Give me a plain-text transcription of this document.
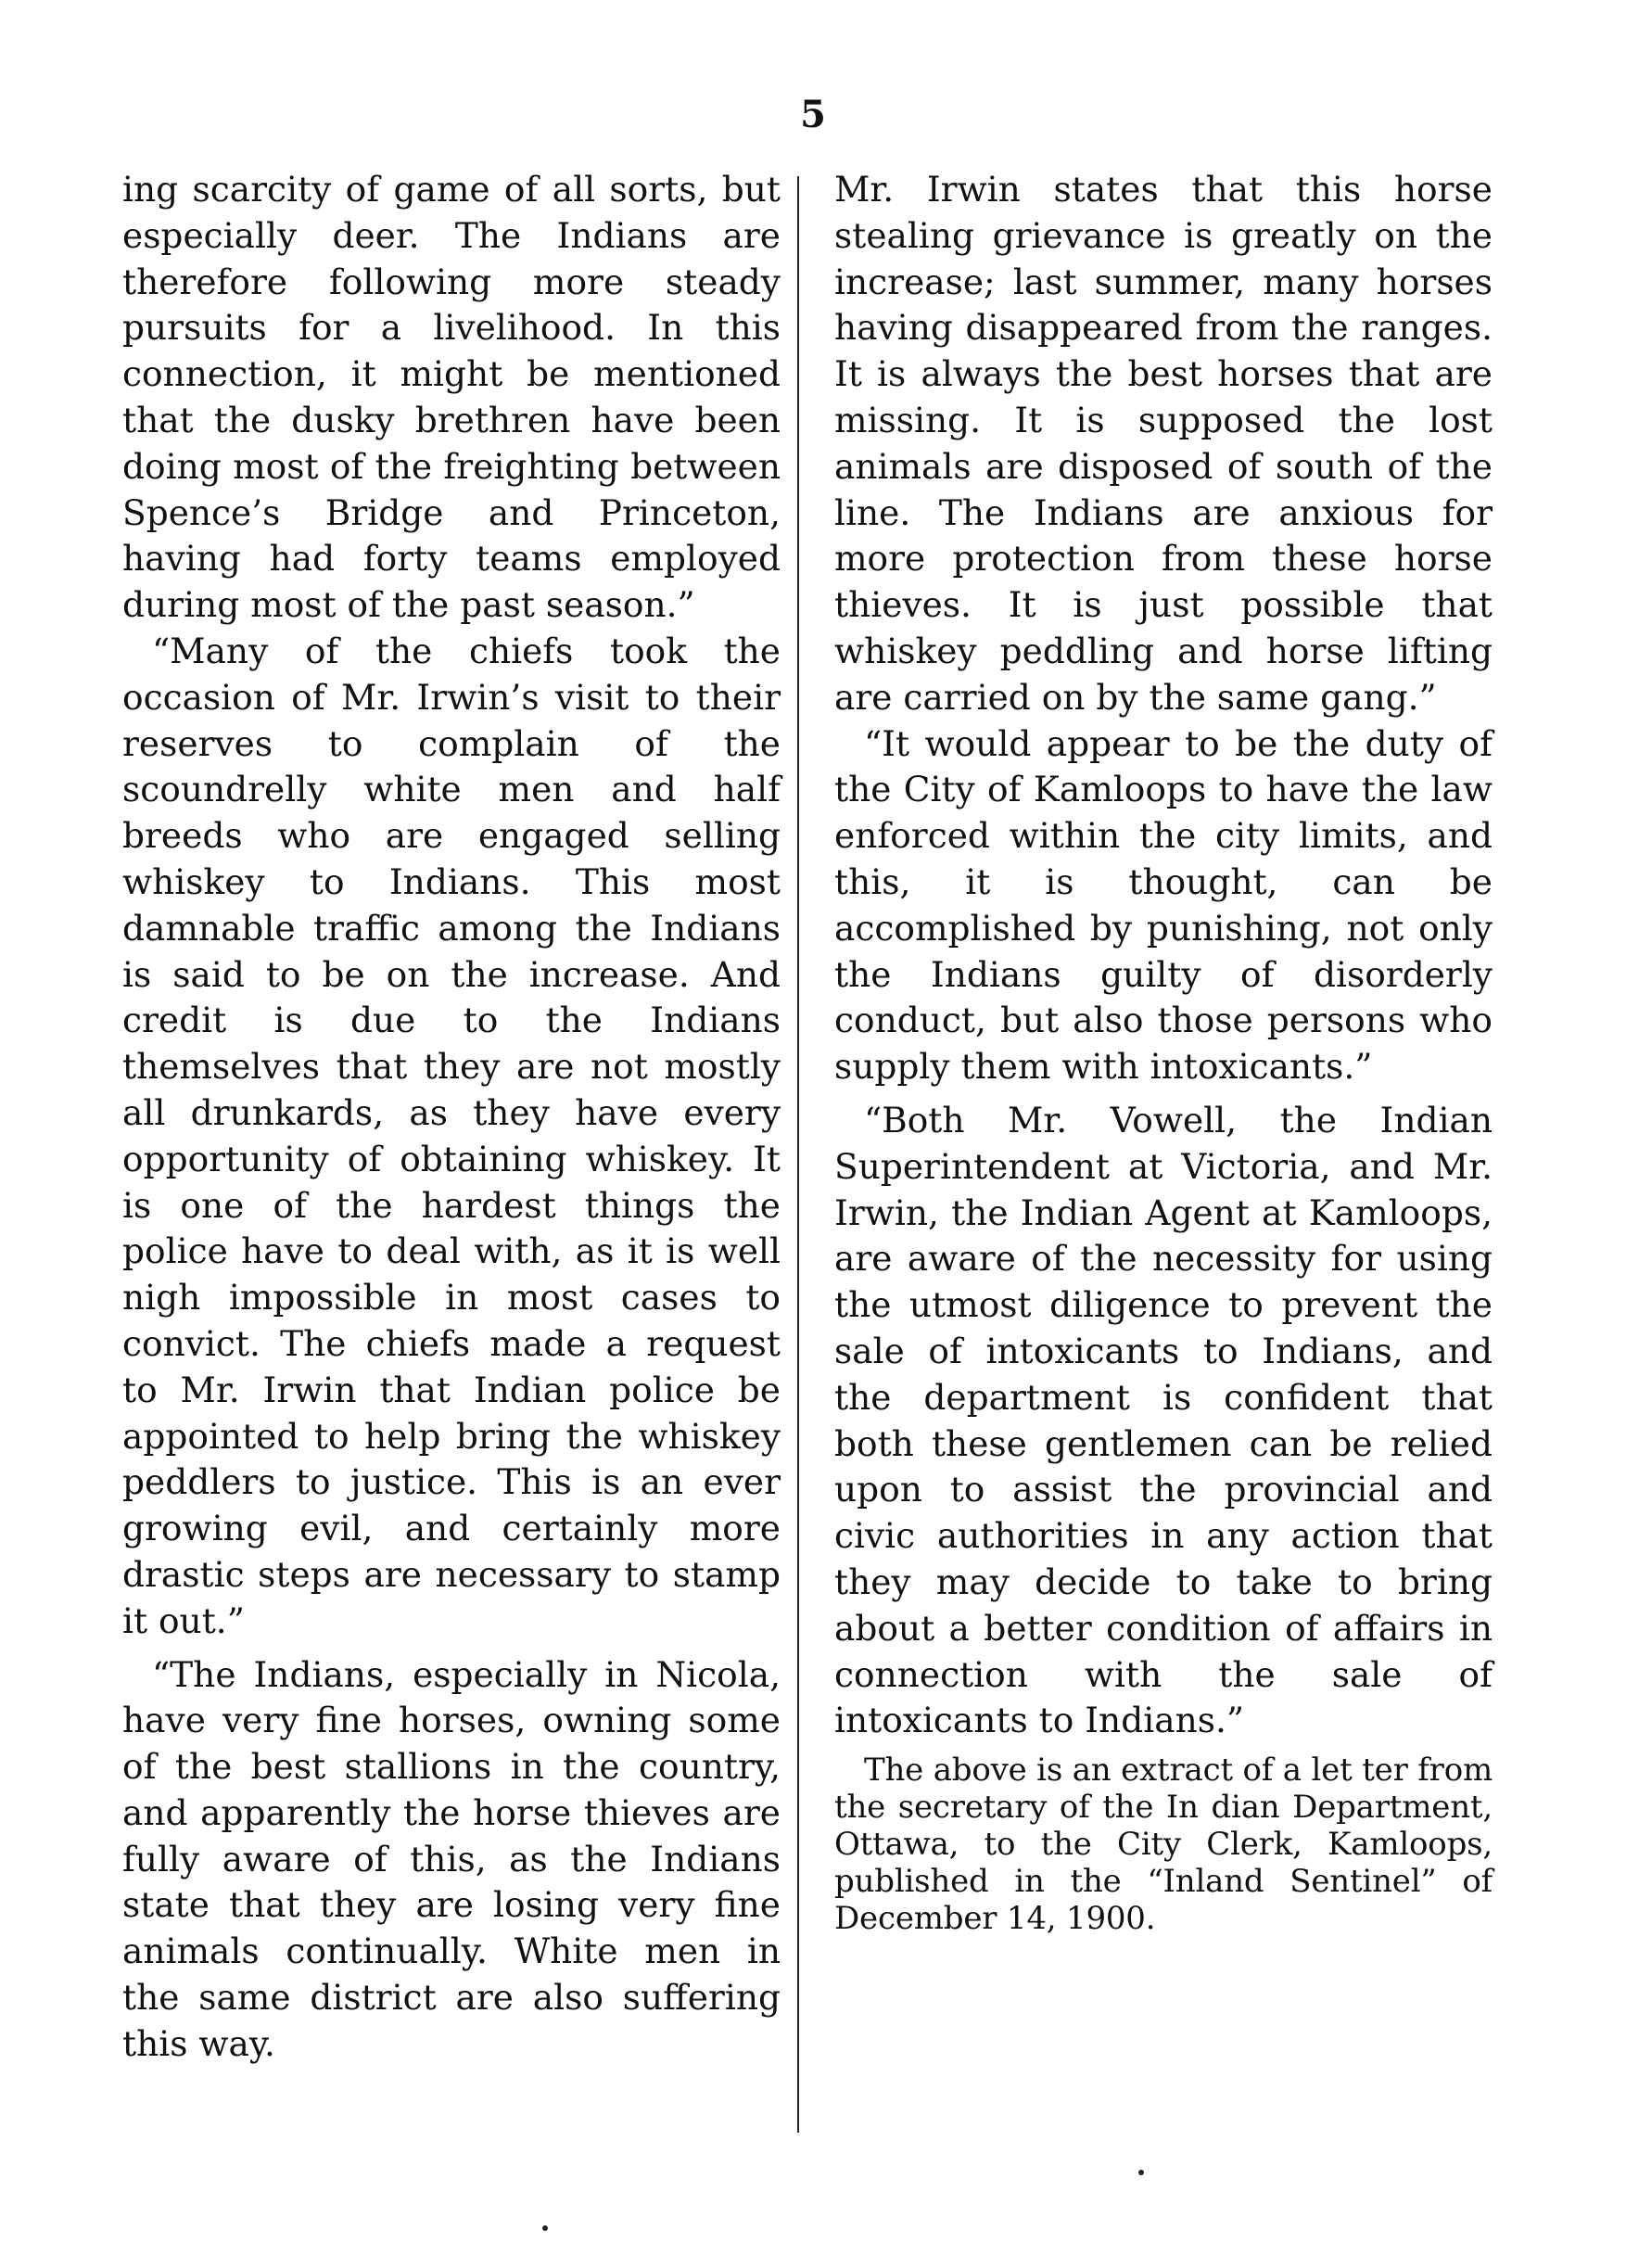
5

ing scarcity of game of all sorts, but especially deer. The Indians are therefore following more steady pursuits for a livelihood. In this connection, it might be mentioned that the dusky brethren have been doing most of the freighting between Spence’s Bridge and Princeton, having had forty teams employed during most of the past season.”

“Many of the chiefs took the occasion of Mr. Irwin’s visit to their reserves to complain of the scoundrelly white men and half breeds who are engaged selling whiskey to Indians. This most damnable traffic among the Indians is said to be on the increase. And credit is due to the Indians themselves that they are not mostly all drunkards, as they have every opportunity of obtaining whiskey. It is one of the hardest things the police have to deal with, as it is well nigh impossible in most cases to convict. The chiefs made a request to Mr. Irwin that Indian police be appointed to help bring the whiskey peddlers to justice. This is an ever growing evil, and certainly more drastic steps are necessary to stamp it out.”

“The Indians, especially in Nicola, have very fine horses, owning some of the best stallions in the country, and apparently the horse thieves are fully aware of this, as the Indians state that they are losing very fine animals continually. White men in the same district are also suffering this way.

Mr. Irwin states that this horse stealing grievance is greatly on the increase; last summer, many horses having disappeared from the ranges. It is always the best horses that are missing. It is supposed the lost animals are disposed of south of the line. The Indians are anxious for more protection from these horse thieves. It is just possible that whiskey peddling and horse lifting are carried on by the same gang.”

“It would appear to be the duty of the City of Kamloops to have the law enforced within the city limits, and this, it is thought, can be accomplished by punishing, not only the Indians guilty of disorderly conduct, but also those persons who supply them with intoxicants.”

“Both Mr. Vowell, the Indian Superintendent at Victoria, and Mr. Irwin, the Indian Agent at Kamloops, are aware of the necessity for using the utmost diligence to prevent the sale of intoxicants to Indians, and the department is confident that both these gentlemen can be relied upon to assist the provincial and civic authorities in any action that they may decide to take to bring about a better condition of affairs in connection with the sale of intoxicants to Indians.”

The above is an extract of a let ter from the secretary of the In dian Department, Ottawa, to the City Clerk, Kamloops, published in the “Inland Sentinel” of December 14, 1900.
